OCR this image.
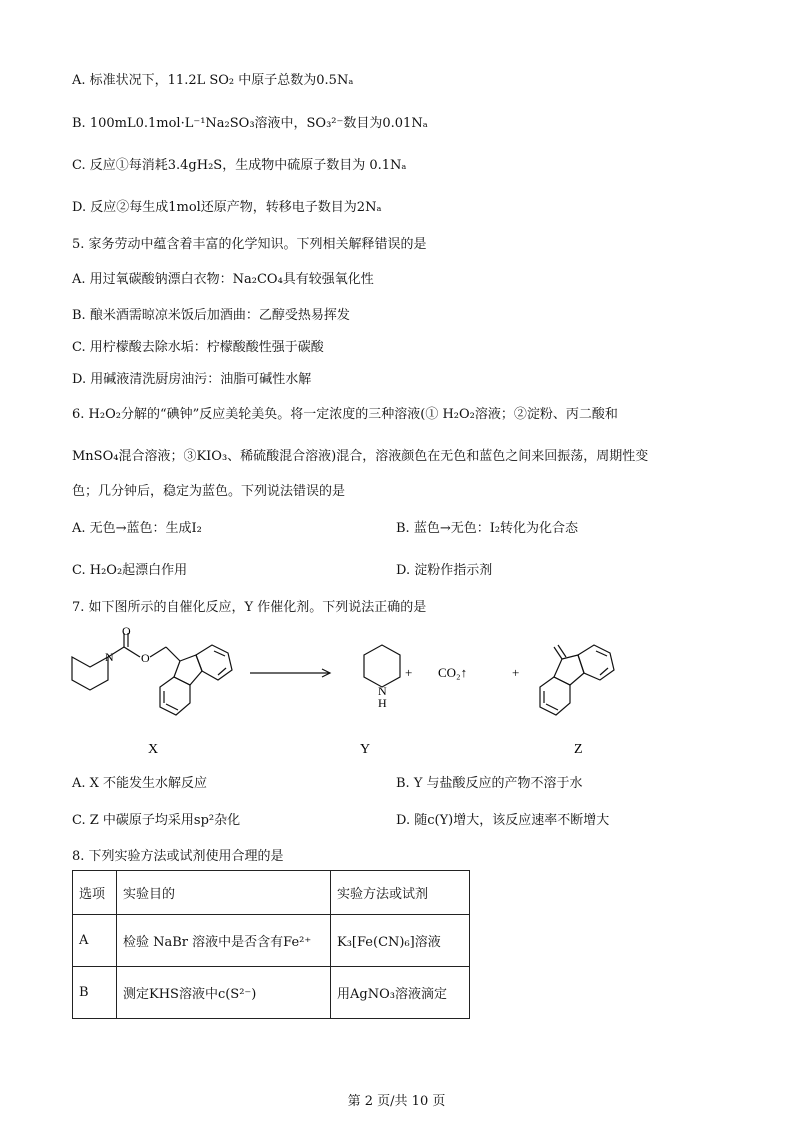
A. 标准状况下，11.2L SO₂ 中原子总数为0.5Nₐ
B. 100mL0.1mol·L⁻¹Na₂SO₃溶液中，SO₃²⁻数目为0.01Nₐ
C. 反应①每消耗3.4gH₂S，生成物中硫原子数目为 0.1Nₐ
D. 反应②每生成1mol还原产物，转移电子数目为2Nₐ
5. 家务劳动中蕴含着丰富的化学知识。下列相关解释错误的是
A. 用过氧碳酸钠漂白衣物：Na₂CO₄具有较强氧化性
B. 酿米酒需晾凉米饭后加酒曲：乙醇受热易挥发
C. 用柠檬酸去除水垢：柠檬酸酸性强于碳酸
D. 用碱液清洗厨房油污：油脂可碱性水解
6. H₂O₂分解的“碘钟”反应美轮美奂。将一定浓度的三种溶液(① H₂O₂溶液；②淀粉、丙二酸和
MnSO₄混合溶液；③KIO₃、稀硫酸混合溶液)混合，溶液颜色在无色和蓝色之间来回振荡，周期性变
色；几分钟后，稳定为蓝色。下列说法错误的是
A. 无色→蓝色：生成I₂	B. 蓝色→无色：I₂转化为化合态
C. H₂O₂起漂白作用	D. 淀粉作指示剂
7. 如下图所示的自催化反应，Y 作催化剂。下列说法正确的是
O
N O
N
H
+ CO₂↑	+
X	Y	Z
A. X 不能发生水解反应	B. Y 与盐酸反应的产物不溶于水
C. Z 中碳原子均采用sp²杂化	D. 随c(Y)增大，该反应速率不断增大
8. 下列实验方法或试剂使用合理的是
选项	实验目的	实验方法或试剂
A	检验 NaBr 溶液中是否含有Fe²⁺	K₃[Fe(CN)₆]溶液
B	测定KHS溶液中c(S²⁻)	用AgNO₃溶液滴定
第 2 页/共 10 页
